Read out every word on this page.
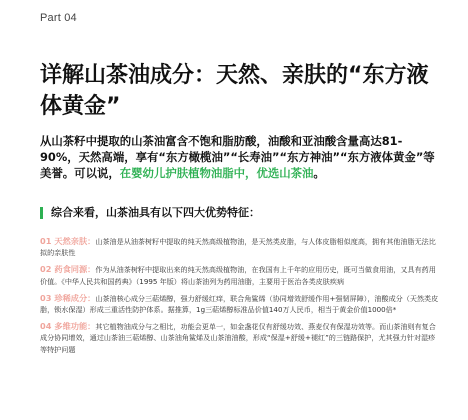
Part 04
详解山茶油成分：天然、亲肤的“东方液体黄金”
从山茶籽中提取的山茶油富含不饱和脂肪酸，油酸和亚油酸含量高达81-90%，天然高端，享有“东方橄榄油”“长寿油”“东方神油”“东方液体黄金”等美誉。可以说，在婴幼儿护肤植物油脂中，优选山茶油。
综合来看，山茶油具有以下四大优势特征：
01 天然亲肤：山茶油是从油茶树籽中提取的纯天然高级植物油，是天然类皮脂，与人体皮脂相似度高，拥有其他油脂无法比拟的亲肤性
02 药食同源：作为从油茶树籽中提取出来的纯天然高级植物油，在我国有上千年的应用历史，既可当做食用油，又具有药用价值。《中华人民共和国药典》（1995 年版）将山茶油列为药用油脂，主要用于医治各类皮肤疾病
03 珍稀成分：山茶油核心成分三萜烯醇，强力舒缓红痒，联合角鲨烯（协同增效舒缓作用+强韧屏障），油酸成分（天然类皮脂，锁水保湿）形成三重活性防护体系。据推算，1g三萜烯醇标准品价值140万人民币，相当于黄金价值1000倍*
04 多维功能：其它植物油成分与之相比，功能会更单一，如金盏花仅有舒缓功效、燕麦仅有保湿功效等。而山茶油则有复合成分协同增效，通过山茶油三萜烯醇、山茶油角鲨烯及山茶油油酸，形成“保湿+舒缓+褪红”的三链路保护，尤其强力针对湿疹等特护问题
